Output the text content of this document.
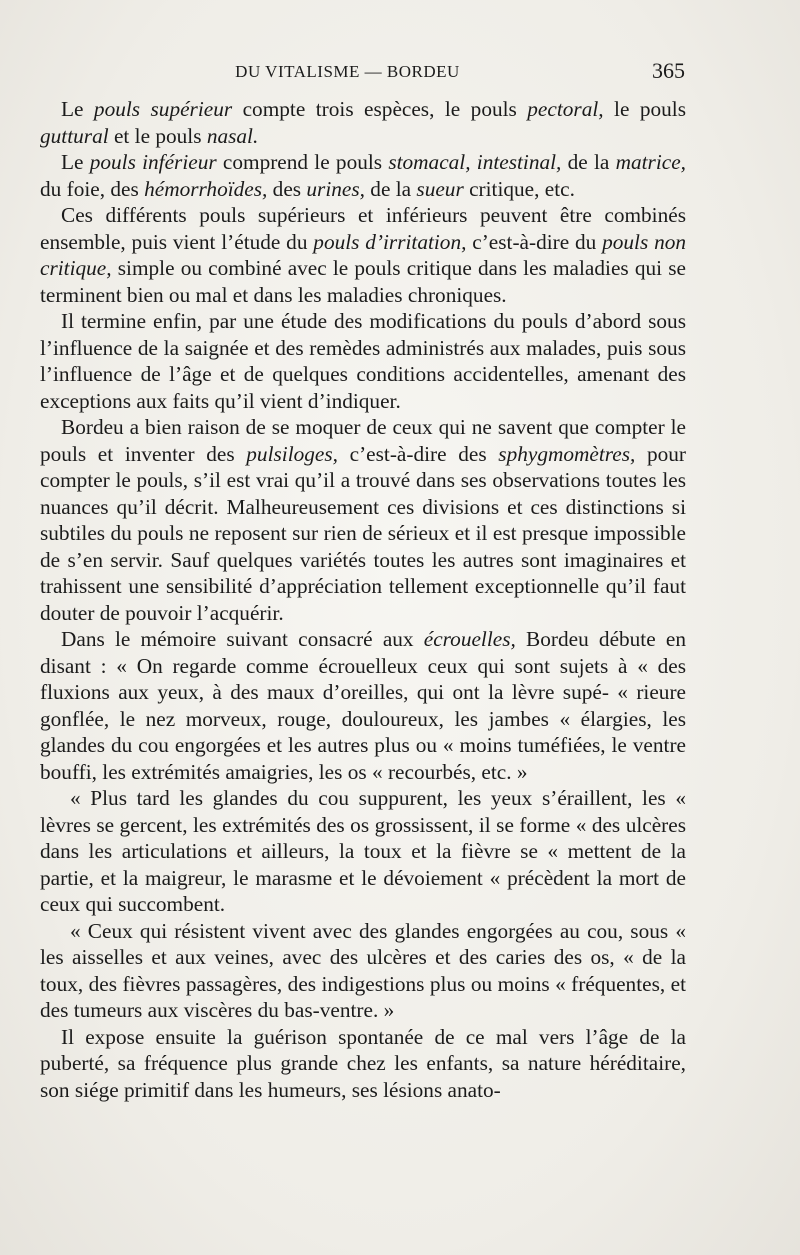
DU VITALISME — BORDEU	365

Le pouls supérieur compte trois espèces, le pouls pectoral, le pouls guttural et le pouls nasal.

Le pouls inférieur comprend le pouls stomacal, intestinal, de la matrice, du foie, des hémorrhoïdes, des urines, de la sueur critique, etc.

Ces différents pouls supérieurs et inférieurs peuvent être combinés ensemble, puis vient l’étude du pouls d’irritation, c’est-à-dire du pouls non critique, simple ou combiné avec le pouls critique dans les maladies qui se terminent bien ou mal et dans les maladies chroniques.

Il termine enfin, par une étude des modifications du pouls d’abord sous l’influence de la saignée et des remèdes administrés aux malades, puis sous l’influence de l’âge et de quelques conditions accidentelles, amenant des exceptions aux faits qu’il vient d’indiquer.

Bordeu a bien raison de se moquer de ceux qui ne savent que compter le pouls et inventer des pulsiloges, c’est-à-dire des sphygmomètres, pour compter le pouls, s’il est vrai qu’il a trouvé dans ses observations toutes les nuances qu’il décrit. Malheureusement ces divisions et ces distinctions si subtiles du pouls ne reposent sur rien de sérieux et il est presque impossible de s’en servir. Sauf quelques variétés toutes les autres sont imaginaires et trahissent une sensibilité d’appréciation tellement exceptionnelle qu’il faut douter de pouvoir l’acquérir.

Dans le mémoire suivant consacré aux écrouelles, Bordeu débute en disant : « On regarde comme écrouelleux ceux qui sont sujets à « des fluxions aux yeux, à des maux d’oreilles, qui ont la lèvre supé- « rieure gonflée, le nez morveux, rouge, douloureux, les jambes « élargies, les glandes du cou engorgées et les autres plus ou « moins tuméfiées, le ventre bouffi, les extrémités amaigries, les os « recourbés, etc. »

« Plus tard les glandes du cou suppurent, les yeux s’éraillent, les « lèvres se gercent, les extrémités des os grossissent, il se forme « des ulcères dans les articulations et ailleurs, la toux et la fièvre se « mettent de la partie, et la maigreur, le marasme et le dévoiement « précèdent la mort de ceux qui succombent.

« Ceux qui résistent vivent avec des glandes engorgées au cou, sous « les aisselles et aux veines, avec des ulcères et des caries des os, « de la toux, des fièvres passagères, des indigestions plus ou moins « fréquentes, et des tumeurs aux viscères du bas-ventre. »

Il expose ensuite la guérison spontanée de ce mal vers l’âge de la puberté, sa fréquence plus grande chez les enfants, sa nature héréditaire, son siége primitif dans les humeurs, ses lésions anato-
